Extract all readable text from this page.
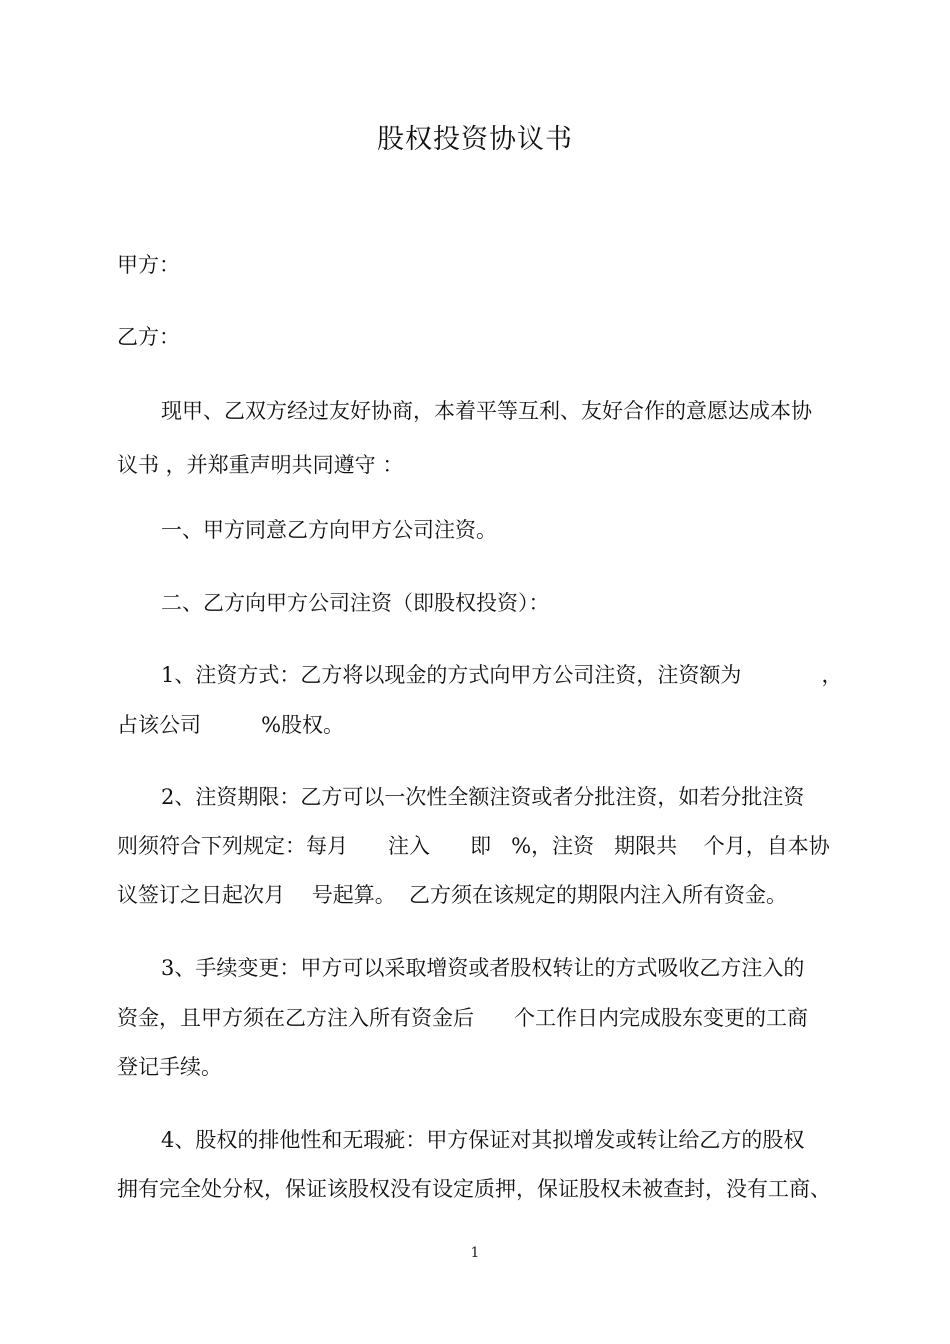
股权投资协议书
甲方：
乙方：
现甲、乙双方经过友好协商，本着平等互利、友好合作的意愿达成本协
议书 ，并郑重声明共同遵守 ：
一、甲方同意乙方向甲方公司注资。
二、乙方向甲方公司注资（即股权投资）：
1、注资方式：乙方将以现金的方式向甲方公司注资，注资额为            ，
占该公司         %股权。
2、注资期限：乙方可以一次性全额注资或者分批注资，如若分批注资
则须符合下列规定：每月      注入      即   %，注资   期限共    个月，自本协
议签订之日起次月    号起算。  乙方须在该规定的期限内注入所有资金。
3、手续变更：甲方可以采取增资或者股权转让的方式吸收乙方注入的
资金，且甲方须在乙方注入所有资金后      个工作日内完成股东变更的工商
登记手续。
4、股权的排他性和无瑕疵：甲方保证对其拟增发或转让给乙方的股权
拥有完全处分权，保证该股权没有设定质押，保证股权未被查封，没有工商、
1
